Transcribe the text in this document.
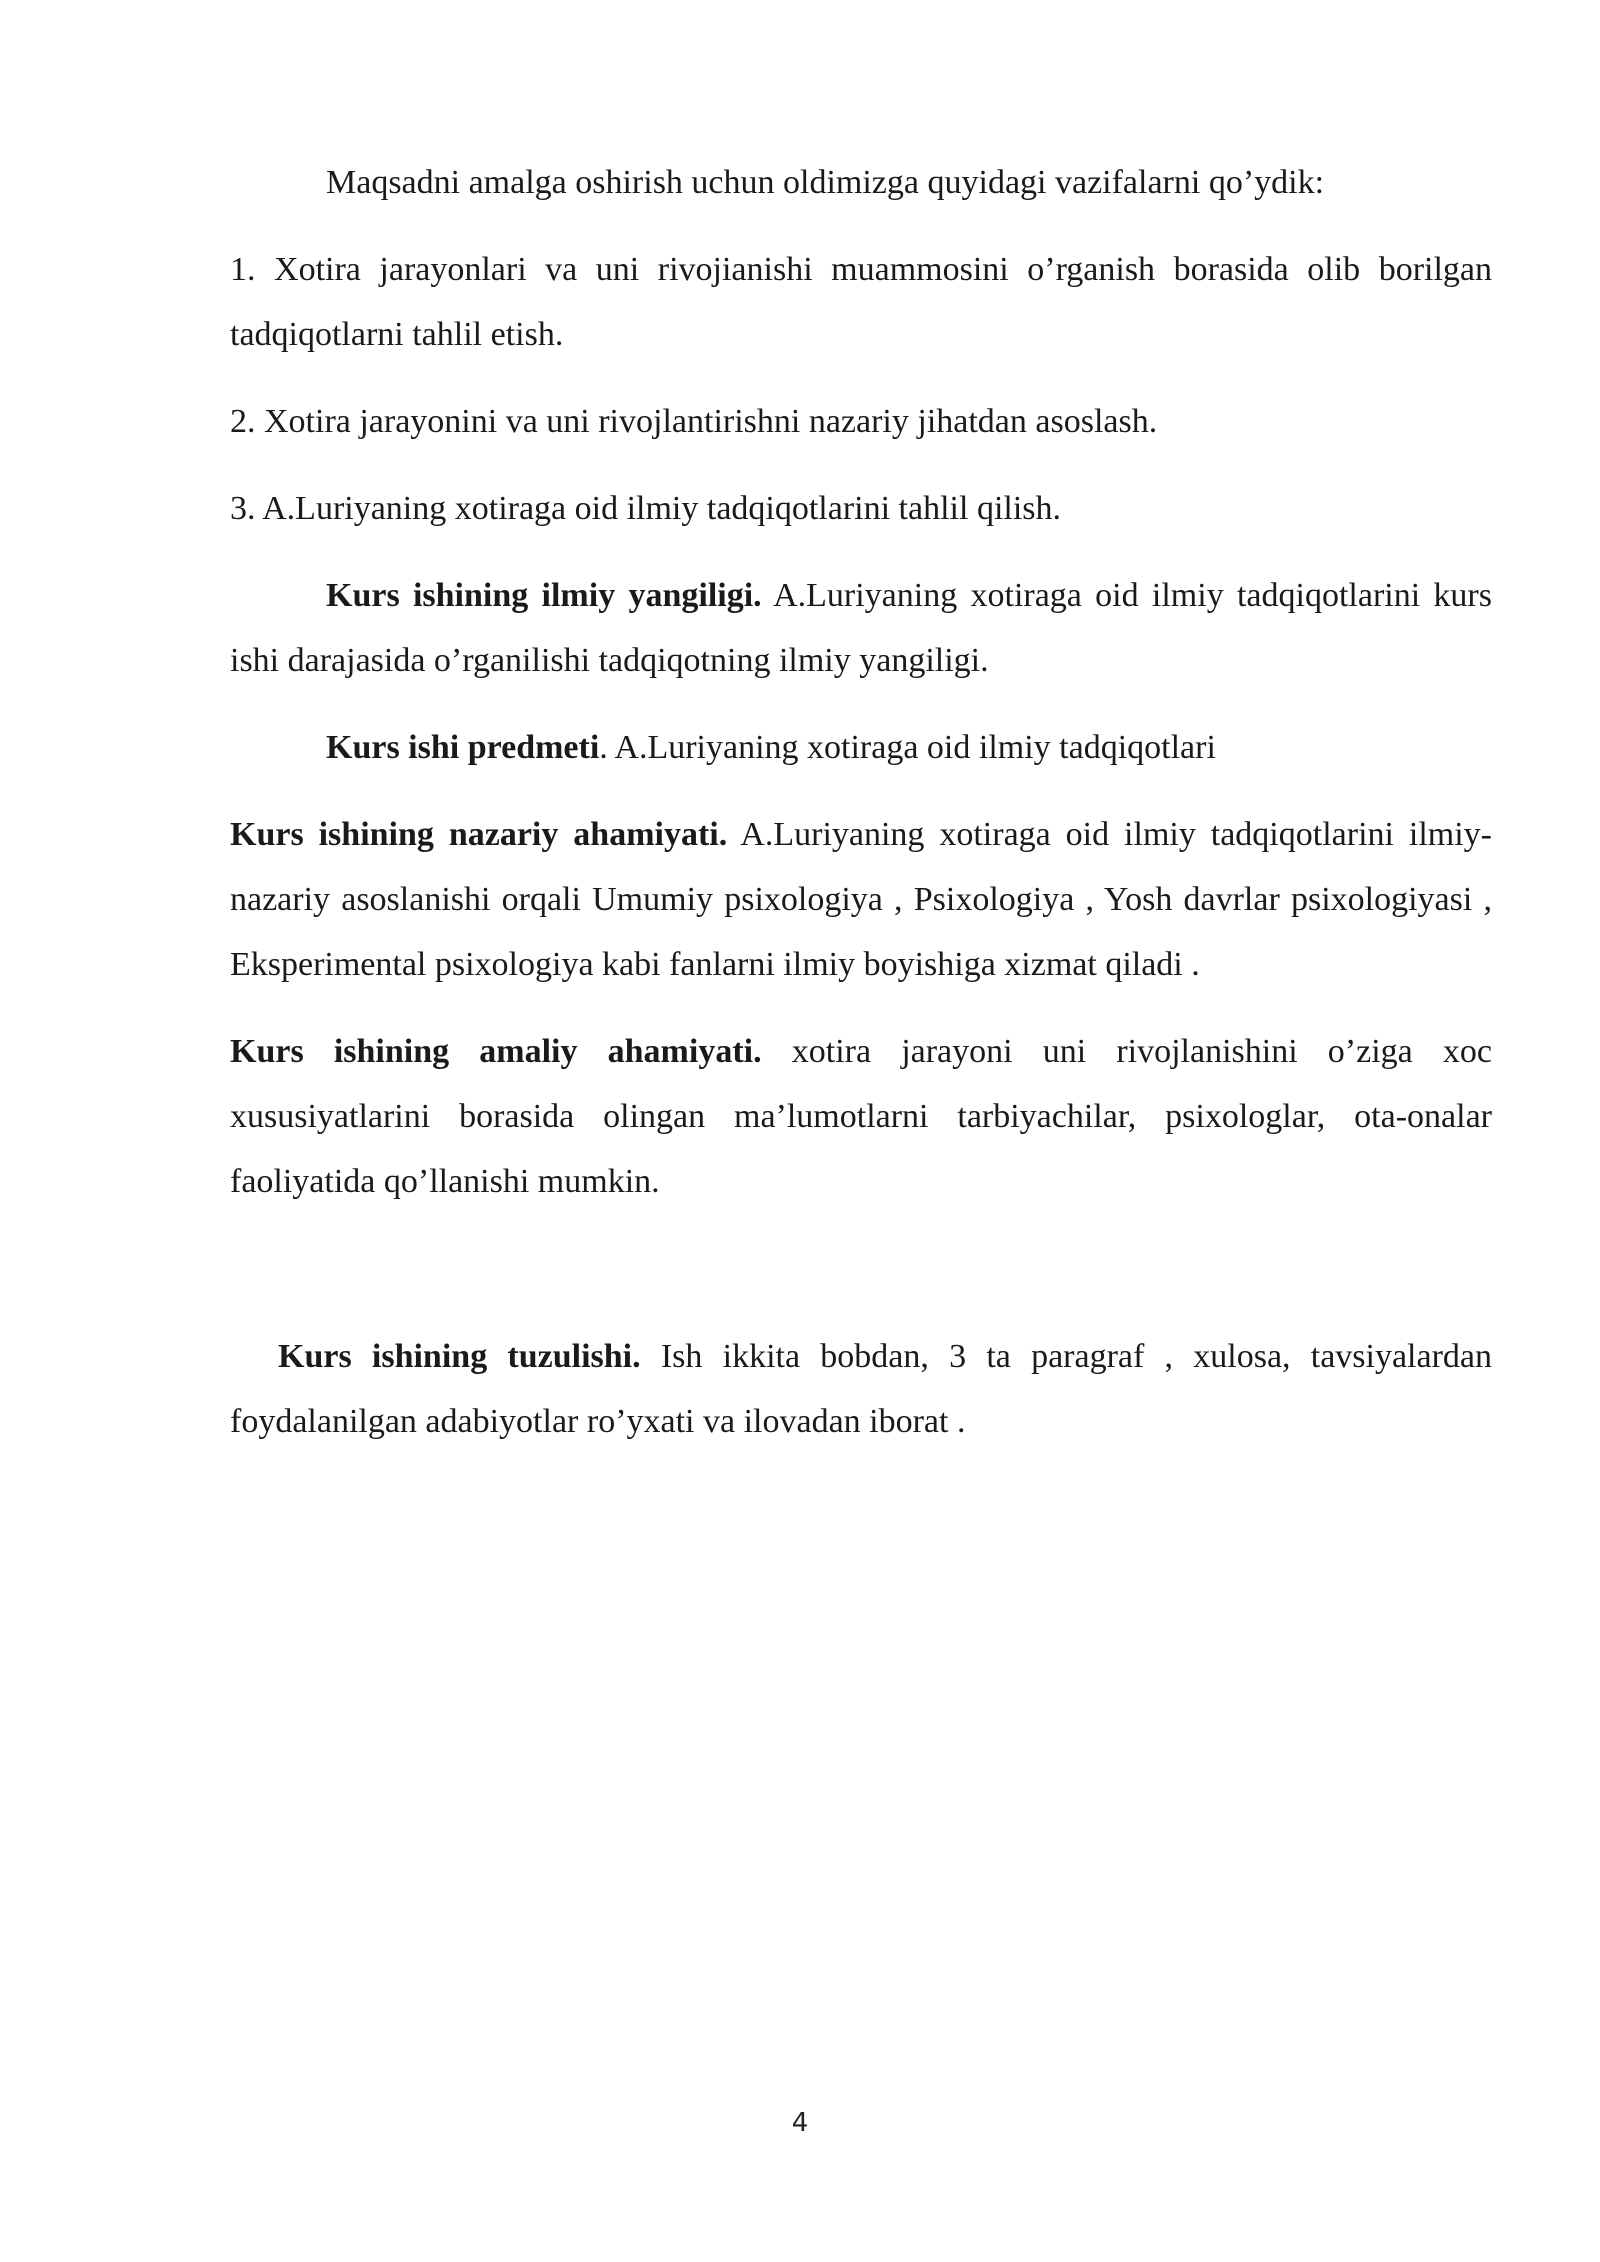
Maqsadni amalga oshirish uchun oldimizga quyidagi vazifalarni qo’ydik:

1. Xotira jarayonlari va uni rivojianishi muammosini o’rganish borasida olib borilgan tadqiqotlarni tahlil etish.

2. Xotira jarayonini va uni rivojlantirishni nazariy jihatdan asoslash.

3. A.Luriyaning xotiraga oid ilmiy tadqiqotlarini tahlil qilish.

Kurs ishining ilmiy yangiligi. A.Luriyaning xotiraga oid ilmiy tadqiqotlarini kurs ishi darajasida o’rganilishi tadqiqotning ilmiy yangiligi.

Kurs ishi predmeti. A.Luriyaning xotiraga oid ilmiy tadqiqotlari

Kurs ishining nazariy ahamiyati. A.Luriyaning xotiraga oid ilmiy tadqiqotlarini ilmiy-nazariy asoslanishi orqali Umumiy psixologiya , Psixologiya , Yosh davrlar psixologiyasi , Eksperimental psixologiya kabi fanlarni ilmiy boyishiga xizmat qiladi .

Kurs ishining amaliy ahamiyati. xotira jarayoni uni rivojlanishini o’ziga xoc xususiyatlarini borasida olingan ma’lumotlarni tarbiyachilar, psixologlar, ota-onalar faoliyatida qo’llanishi mumkin.

Kurs ishining tuzulishi. Ish ikkita bobdan, 3 ta paragraf , xulosa, tavsiyalardan foydalanilgan adabiyotlar ro’yxati va ilovadan iborat .

4
